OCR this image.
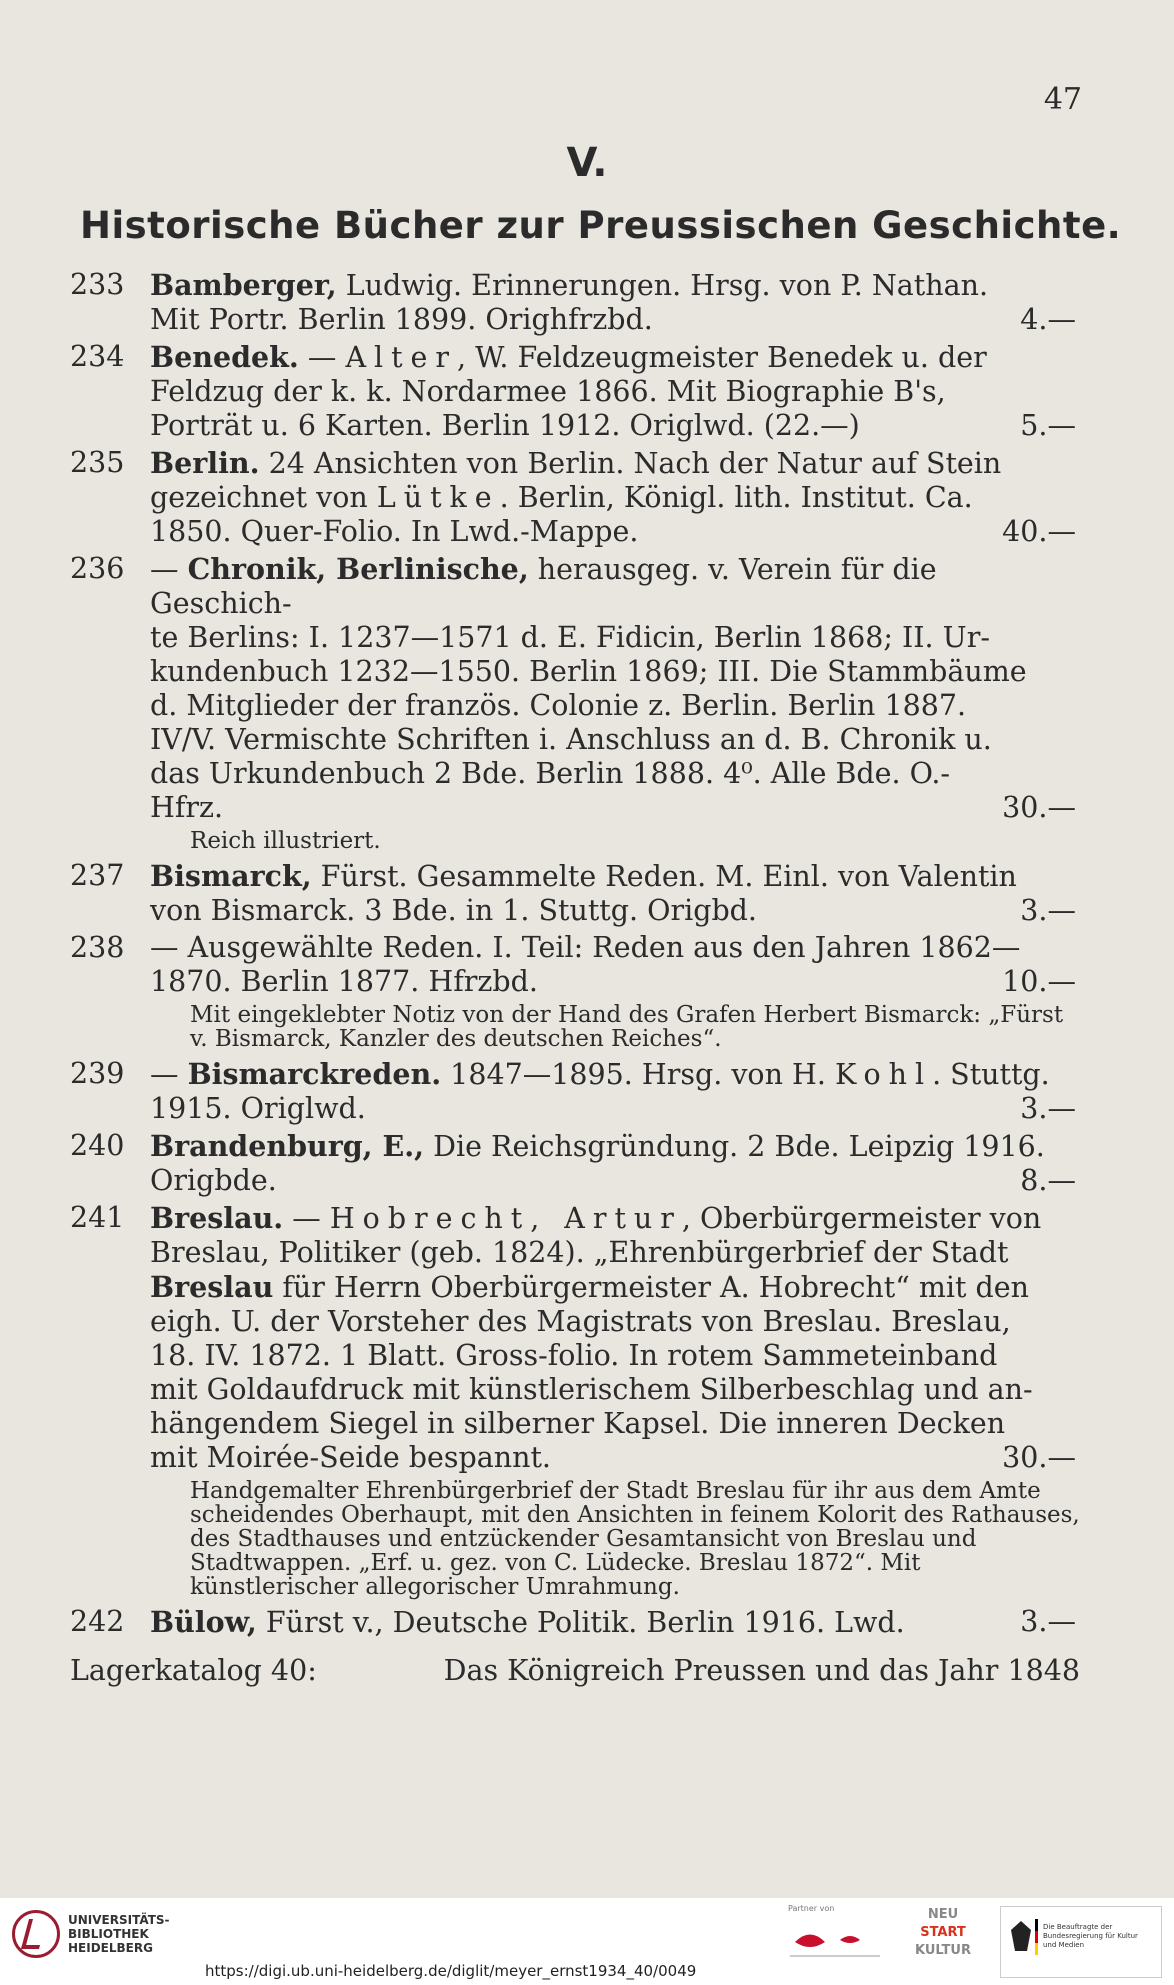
47
V.
Historische Bücher zur Preussischen Geschichte.
233 Bamberger, Ludwig. Erinnerungen. Hrsg. von P. Nathan.
Mit Portr. Berlin 1899. Orighfrzbd.	4.—
234 Benedek. — Alter, W. Feldzeugmeister Benedek u. der
Feldzug der k. k. Nordarmee 1866. Mit Biographie B's,
Porträt u. 6 Karten. Berlin 1912. Origlwd. (22.—)	5.—
235 Berlin. 24 Ansichten von Berlin. Nach der Natur auf Stein
gezeichnet von Lütke. Berlin, Königl. lith. Institut. Ca.
1850. Quer-Folio. In Lwd.-Mappe.	40.—
236 — Chronik, Berlinische, herausgeg. v. Verein für die Geschich-
te Berlins: I. 1237—1571 d. E. Fidicin, Berlin 1868; II. Ur-
kundenbuch 1232—1550. Berlin 1869; III. Die Stammbäume
d. Mitglieder der französ. Colonie z. Berlin. Berlin 1887.
IV/V. Vermischte Schriften i. Anschluss an d. B. Chronik u.
das Urkundenbuch 2 Bde. Berlin 1888. 4⁰. Alle Bde. O.-
Hfrz.	30.—
Reich illustriert.
237 Bismarck, Fürst. Gesammelte Reden. M. Einl. von Valentin
von Bismarck. 3 Bde. in 1. Stuttg. Origbd.	3.—
238 — Ausgewählte Reden. I. Teil: Reden aus den Jahren 1862—
1870. Berlin 1877. Hfrzbd.	10.—
Mit eingeklebter Notiz von der Hand des Grafen Herbert Bismarck: „Fürst v. Bismarck, Kanzler des deutschen Reiches“.
239 — Bismarckreden. 1847—1895. Hrsg. von H. Kohl. Stuttg.
1915. Origlwd.	3.—
240 Brandenburg, E., Die Reichsgründung. 2 Bde. Leipzig 1916.
Origbde.	8.—
241 Breslau. — Hobrecht, Artur, Oberbürgermeister von
Breslau, Politiker (geb. 1824). „Ehrenbürgerbrief der Stadt
Breslau für Herrn Oberbürgermeister A. Hobrecht“ mit den
eigh. U. der Vorsteher des Magistrats von Breslau. Breslau,
18. IV. 1872. 1 Blatt. Gross-folio. In rotem Sammeteinband
mit Goldaufdruck mit künstlerischem Silberbeschlag und an-
hängendem Siegel in silberner Kapsel. Die inneren Decken
mit Moirée-Seide bespannt.	30.—
Handgemalter Ehrenbürgerbrief der Stadt Breslau für ihr aus dem Amte scheidendes Oberhaupt, mit den Ansichten in feinem Kolorit des Rathauses, des Stadthauses und entzückender Gesamtansicht von Breslau und Stadtwappen. „Erf. u. gez. von C. Lüdecke. Breslau 1872“. Mit künstlerischer allegorischer Umrahmung.
242 Bülow, Fürst v., Deutsche Politik. Berlin 1916. Lwd.	3.—
Lagerkatalog 40:	Das Königreich Preussen und das Jahr 1848
UNIVERSITÄTS-
BIBLIOTHEK
HEIDELBERG
Partner von	NEU
START
KULTUR
Die Beauftragte der Bundesregierung für Kultur und Medien
https://digi.ub.uni-heidelberg.de/diglit/meyer_ernst1934_40/0049
